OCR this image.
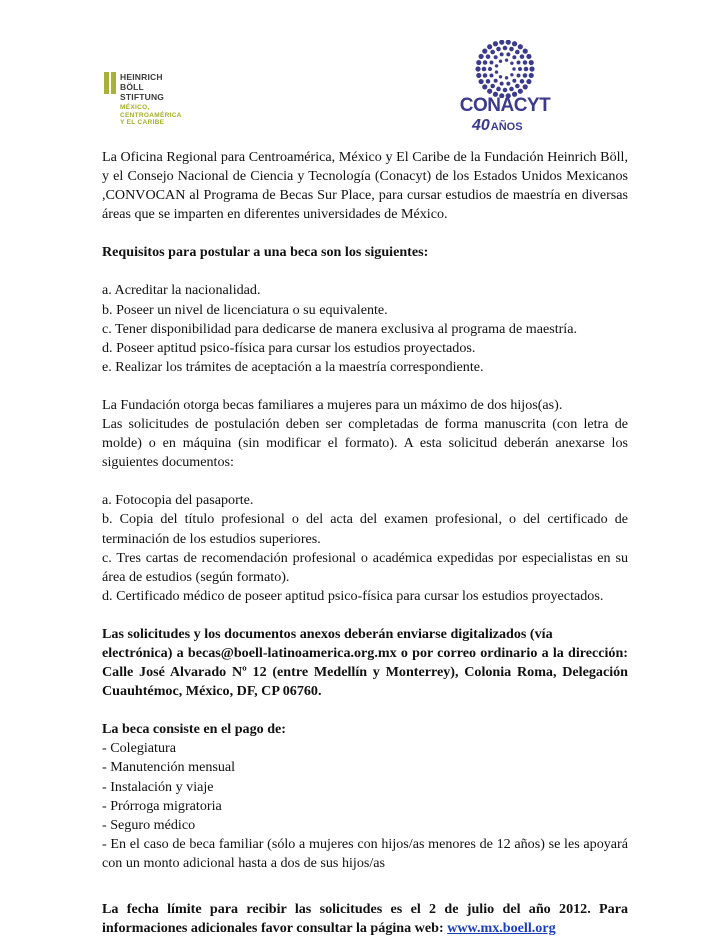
HEINRICH
BÖLL
STIFTUNG
MÉXICO,
CENTROAMÉRICA
Y EL CARIBE
CONACYT
40AÑOS

La Oficina Regional para Centroamérica, México y El Caribe de la Fundación Heinrich Böll, y el Consejo Nacional de Ciencia y Tecnología (Conacyt) de los Estados Unidos Mexicanos ,CONVOCAN al Programa de Becas Sur Place, para cursar estudios de maestría en diversas áreas que se imparten en diferentes universidades de México.

Requisitos para postular a una beca son los siguientes:

a. Acreditar la nacionalidad.

b. Poseer un nivel de licenciatura o su equivalente.

c. Tener disponibilidad para dedicarse de manera exclusiva al programa de maestría.

d. Poseer aptitud psico-física para cursar los estudios proyectados.

e. Realizar los trámites de aceptación a la maestría correspondiente.

La Fundación otorga becas familiares a mujeres para un máximo de dos hijos(as).

Las solicitudes de postulación deben ser completadas de forma manuscrita (con letra de molde) o en máquina (sin modificar el formato). A esta solicitud deberán anexarse los siguientes documentos:

a. Fotocopia del pasaporte.

b. Copia del título profesional o del acta del examen profesional, o del certificado de terminación de los estudios superiores.

c. Tres cartas de recomendación profesional o académica expedidas por especialistas en su área de estudios (según formato).

d. Certificado médico de poseer aptitud psico-física para cursar los estudios proyectados.

Las solicitudes y los documentos anexos deberán enviarse digitalizados (vía

electrónica) a becas@boell-latinoamerica.org.mx o por correo ordinario a la dirección: Calle José Alvarado Nº 12 (entre Medellín y Monterrey), Colonia Roma, Delegación Cuauhtémoc, México, DF, CP 06760.

La beca consiste en el pago de:

- Colegiatura

- Manutención mensual

- Instalación y viaje

- Prórroga migratoria

- Seguro médico

- En el caso de beca familiar (sólo a mujeres con hijos/as menores de 12 años) se les apoyará con un monto adicional hasta a dos de sus hijos/as

La fecha límite para recibir las solicitudes es el 2 de julio del año 2012. Para informaciones adicionales favor consultar la página web: www.mx.boell.org
